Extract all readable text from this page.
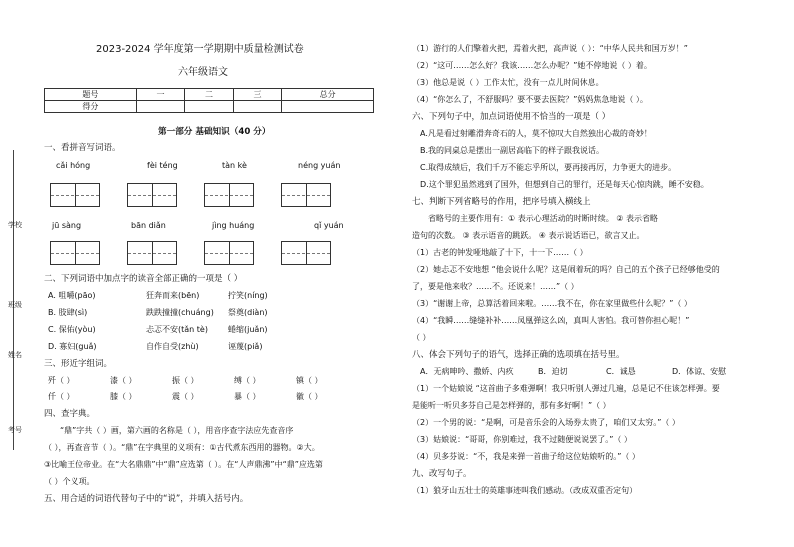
学校
班级
姓名
考号
2023-2024 学年度第一学期期中质量检测试卷
六年级语文
题号	一	二	三	总分
得分				
第一部分 基础知识（40 分）
一、看拼音写词语。
cǎi hóng	fèi téng	tàn kè	néng yuán
jū sàng	bān diǎn	jìng huáng	qǐ yuán
二、下列词语中加点字的读音全部正确的一项是（ ）
A. 咀嚼(pāo)	狂奔而来(bēn)	拧笑(níng)
B. 肢肆(sì)	跌跌撞撞(chuáng) 祭奠(diàn)
C. 保佑(yòu)	忐忑不安(tǎn tè)	蜷缩(juǎn)
D. 寡妇(guǎ)	自作自受(zhù)	诬蔑(piǎ)
三、形近字组词。
歼（ ）	漆（ ）	振（ ）	缚（ ）	镇（ ）
仟（ ）	膝（ ）	震（ ）	暴（ ）	徽（ ）
四、查字典。
“鼎”字共（ ）画，第六画的名称是（ ），用音序查字法应先查音序
（ ），再查音节（ ）。“鼎”在字典里的义项有：①古代煮东西用的器物。②大。
③比喻王位帝业。在“大名鼎鼎”中“鼎”应选第（ ）。在“人声鼎沸”中“鼎”应选第
（ ）个义项。
五、用合适的词语代替句子中的“说”，并填入括号内。
（1）游行的人们擎着火把，焉着火把，高声说（ ）：“中华人民共和国万岁！”
（2）“这可……怎么好？我该……怎么办呢？”她不停地说（ ）着。
（3）他总是说（ ）工作太忙，没有一点儿时间休息。
（4）“你怎么了，不舒服吗？要不要去医院？”妈妈焦急地说（ ）。
六、下列句子中，加点词语使用不恰当的一项是（ ）
A.凡是看过射雕滑奔奇石的人，莫不惊叹大自然独出心裁的奇妙！
B.我的同桌总是摆出一副居高临下的样子跟我说话。
C.取得成绩后，我们千万不能忘乎所以，要再接再厉，力争更大的进步。
D.这个罪犯虽然逃到了国外，但想到自己的罪行，还是每天心惊肉跳，睡不安稳。
七、判断下列省略号的作用，把序号填入横线上
省略号的主要作用有：① 表示心理活动的时断时续。 ② 表示省略
造句的次数。 ③ 表示语音的跳跃。 ④ 表示说话语已，欲言又止。
（1）古老的钟发哑地敲了十下，十一下……（ ）
（2）她忐忑不安地想 “他会说什么呢？这是闹着玩的吗？自己的五个孩子已经够他受的
了，要是他来收？……不。还说来！……”（ ）
（3）“谢谢上帝，总算活着回来啦。……我不在，你在家里做些什么呢？”（ ）
（4）“我瞬……缝缝补补……凤凰弹这么凶，真叫人害怕。我可替你担心呢！”
（ ）
八、体会下列句子的语气，选择正确的选项填在括号里。
A．无病呻吟、撒娇、内疚	B．迫切	C．诚恳	D．体谅、安慰
（1）一个姑娘说 “这首曲子多难弹啊！我只听别人弹过几遍，总是记不住该怎样弹。要
是能听一听贝多芬自己是怎样弹的，那有多好啊！”（ ）
（2）一个男的说：“是啊，可是音乐会的入场券太贵了，咱们又太穷。”（ ）
（3）姑娘说：“哥哥，你别难过，我不过随便说说罢了。”（ ）
（4）贝多芬说：“不，我是来弹一首曲子给这位姑娘听的。”（ ）
九、改写句子。
（1）狼牙山五壮士的英雄事迹叫我们感动。（改成双重否定句）
